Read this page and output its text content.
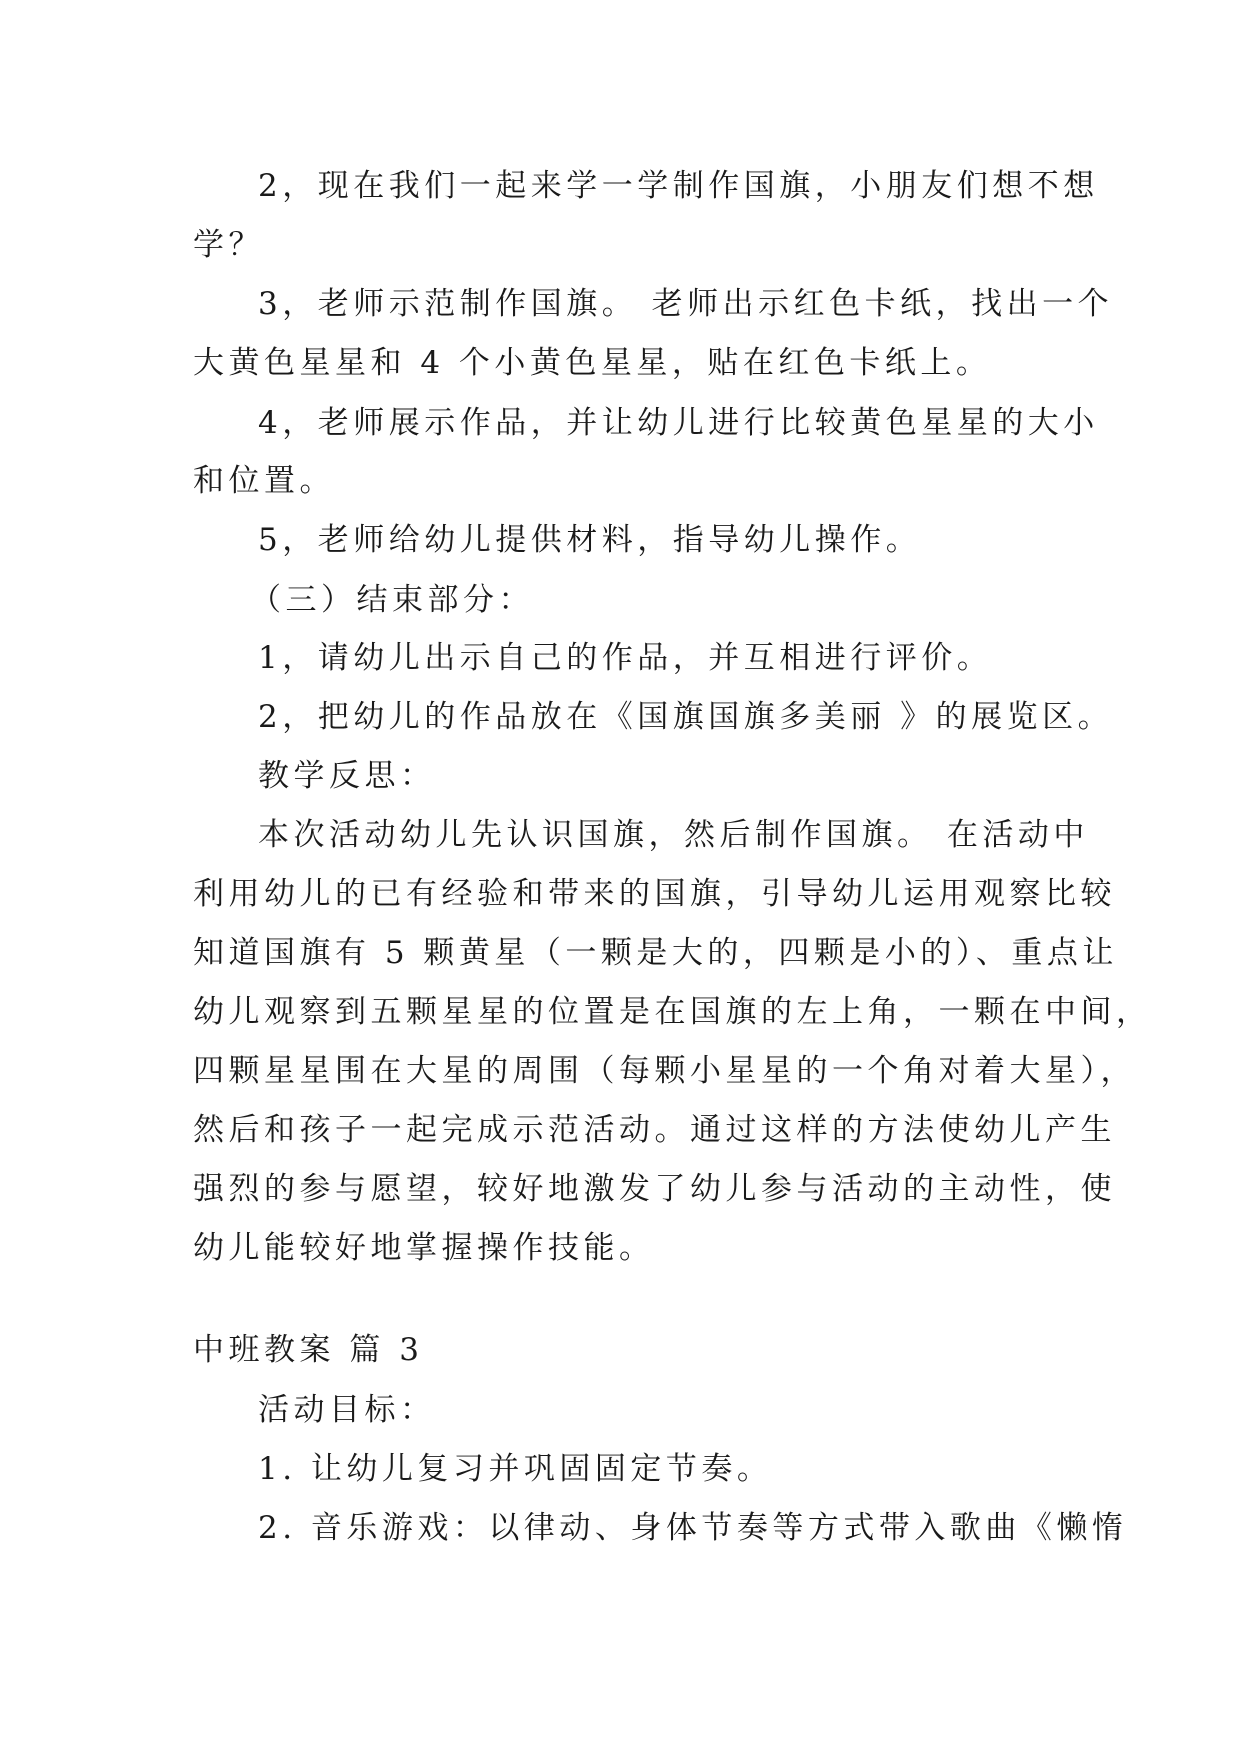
2，现在我们一起来学一学制作国旗，小朋友们想不想
学？
3，老师示范制作国旗。 老师出示红色卡纸，找出一个
大黄色星星和 4 个小黄色星星，贴在红色卡纸上。
4，老师展示作品，并让幼儿进行比较黄色星星的大小
和位置。
5，老师给幼儿提供材料，指导幼儿操作。
（三）结束部分：
1，请幼儿出示自己的作品，并互相进行评价。
2，把幼儿的作品放在《国旗国旗多美丽 》的展览区。
教学反思：
本次活动幼儿先认识国旗，然后制作国旗。 在活动中
利用幼儿的已有经验和带来的国旗，引导幼儿运用观察比较
知道国旗有 5 颗黄星（一颗是大的，四颗是小的）、重点让
幼儿观察到五颗星星的位置是在国旗的左上角，一颗在中间，
四颗星星围在大星的周围（每颗小星星的一个角对着大星），
然后和孩子一起完成示范活动。通过这样的方法使幼儿产生
强烈的参与愿望，较好地激发了幼儿参与活动的主动性，使
幼儿能较好地掌握操作技能。
中班教案 篇 3
活动目标：
1. 让幼儿复习并巩固固定节奏。
2. 音乐游戏：以律动、身体节奏等方式带入歌曲《懒惰
